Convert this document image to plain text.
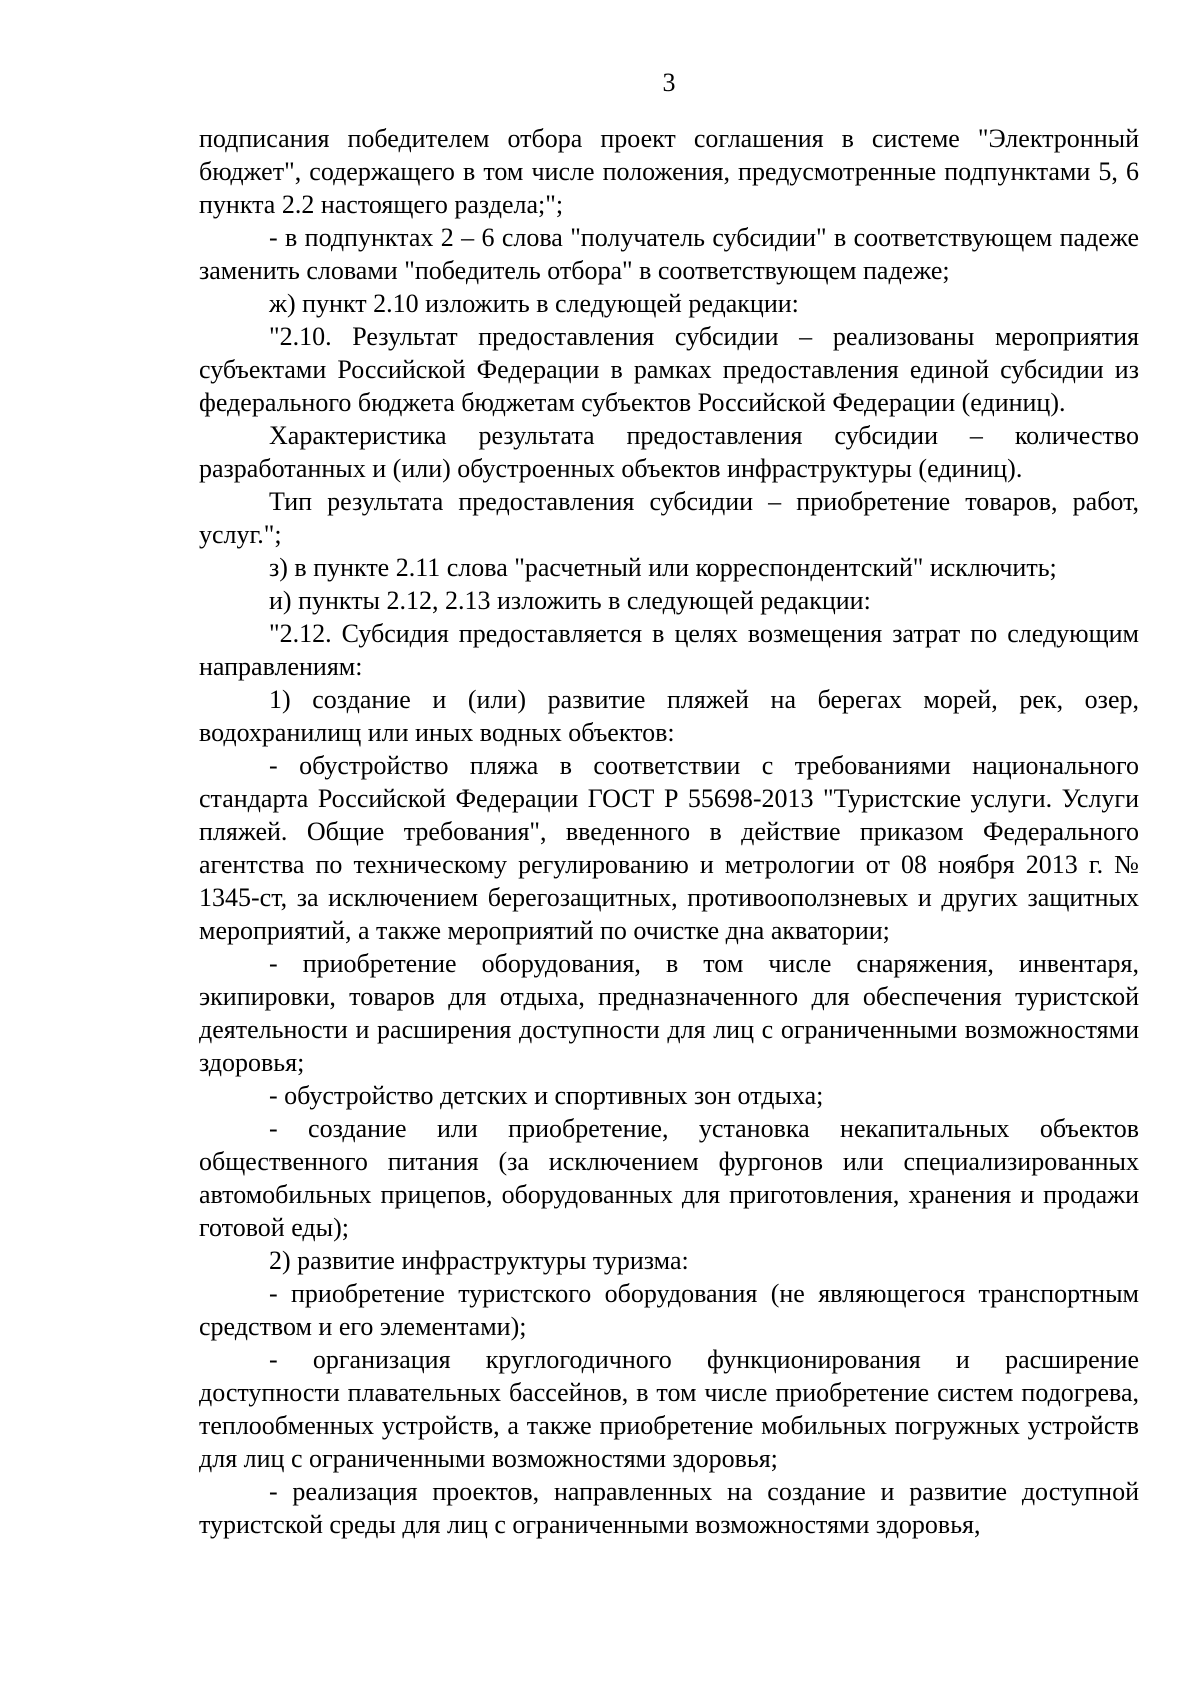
3

подписания победителем отбора проект соглашения в системе "Электронный бюджет", содержащего в том числе положения, предусмотренные подпунктами 5, 6 пункта 2.2 настоящего раздела;";

- в подпунктах 2 – 6 слова "получатель субсидии" в соответствующем падеже заменить словами "победитель отбора" в соответствующем падеже;

ж) пункт 2.10 изложить в следующей редакции:

"2.10. Результат предоставления субсидии – реализованы мероприятия субъектами Российской Федерации в рамках предоставления единой субсидии из федерального бюджета бюджетам субъектов Российской Федерации (единиц).

Характеристика результата предоставления субсидии – количество разработанных и (или) обустроенных объектов инфраструктуры (единиц).

Тип результата предоставления субсидии – приобретение товаров, работ, услуг.";

з) в пункте 2.11 слова "расчетный или корреспондентский" исключить;

и) пункты 2.12, 2.13 изложить в следующей редакции:

"2.12. Субсидия предоставляется в целях возмещения затрат по следующим направлениям:

1) создание и (или) развитие пляжей на берегах морей, рек, озер, водохранилищ или иных водных объектов:

- обустройство пляжа в соответствии с требованиями национального стандарта Российской Федерации ГОСТ Р 55698-2013 "Туристские услуги. Услуги пляжей. Общие требования", введенного в действие приказом Федерального агентства по техническому регулированию и метрологии от 08 ноября 2013 г. № 1345-ст, за исключением берегозащитных, противооползневых и других защитных мероприятий, а также мероприятий по очистке дна акватории;

- приобретение оборудования, в том числе снаряжения, инвентаря, экипировки, товаров для отдыха, предназначенного для обеспечения туристской деятельности и расширения доступности для лиц с ограниченными возможностями здоровья;

- обустройство детских и спортивных зон отдыха;

- создание или приобретение, установка некапитальных объектов общественного питания (за исключением фургонов или специализированных автомобильных прицепов, оборудованных для приготовления, хранения и продажи готовой еды);

2) развитие инфраструктуры туризма:

- приобретение туристского оборудования (не являющегося транспортным средством и его элементами);

- организация круглогодичного функционирования и расширение доступности плавательных бассейнов, в том числе приобретение систем подогрева, теплообменных устройств, а также приобретение мобильных погружных устройств для лиц с ограниченными возможностями здоровья;

- реализация проектов, направленных на создание и развитие доступной туристской среды для лиц с ограниченными возможностями здоровья,
